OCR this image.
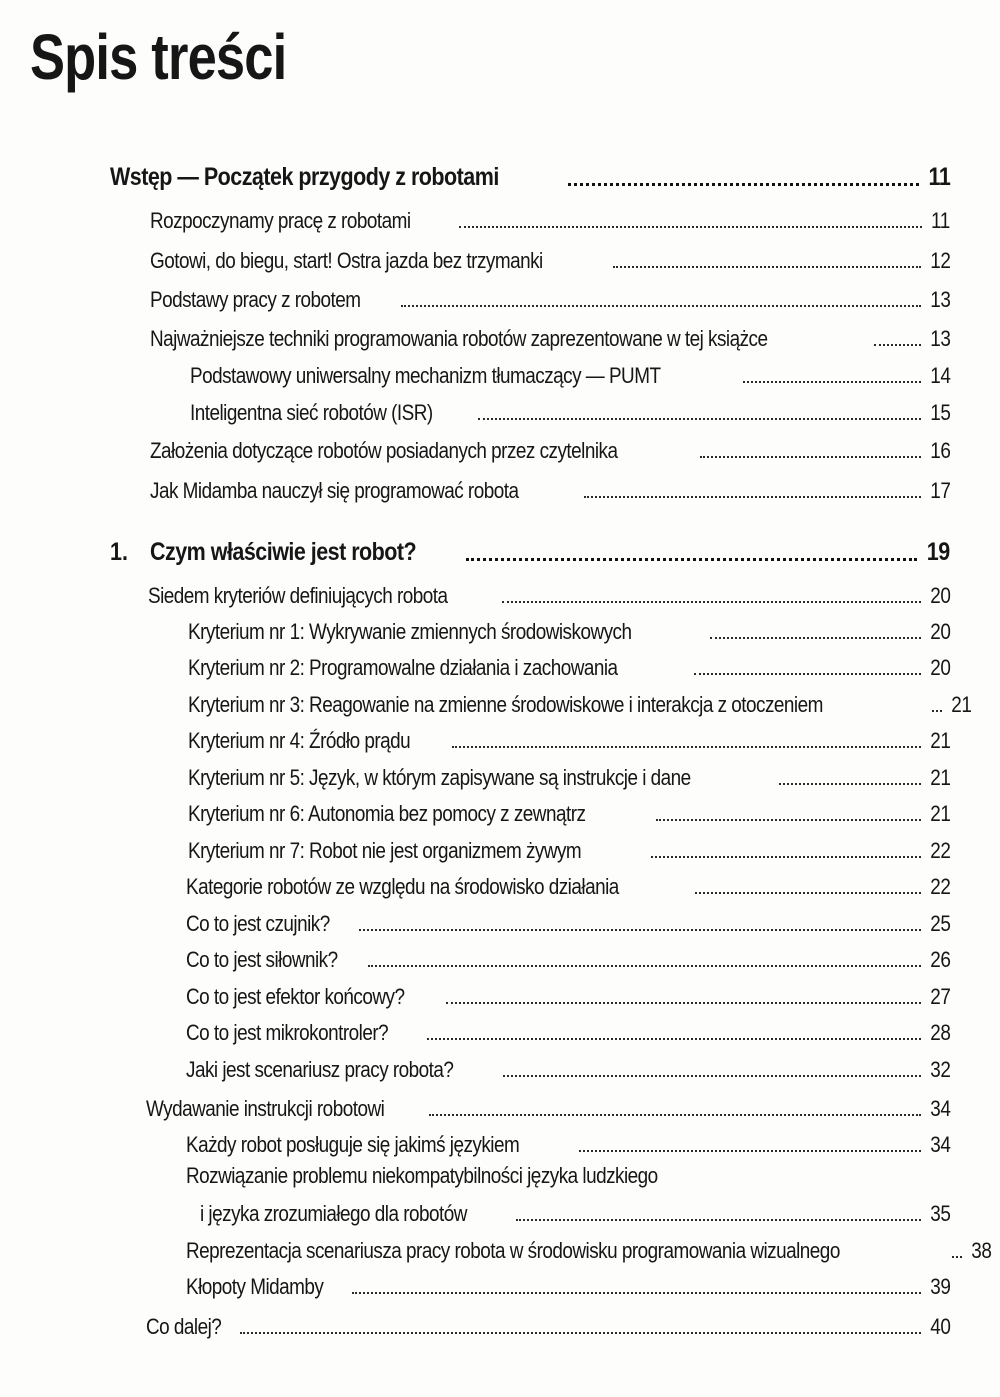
Spis treści
Wstęp — Początek przygody z robotami	11
Rozpoczynamy pracę z robotami	11
Gotowi, do biegu, start! Ostra jazda bez trzymanki	12
Podstawy pracy z robotem	13
Najważniejsze techniki programowania robotów zaprezentowane w tej książce	13
Podstawowy uniwersalny mechanizm tłumaczący — PUMT	14
Inteligentna sieć robotów (ISR)	15
Założenia dotyczące robotów posiadanych przez czytelnika	16
Jak Midamba nauczył się programować robota	17
1. Czym właściwie jest robot?	19
Siedem kryteriów definiujących robota	20
Kryterium nr 1: Wykrywanie zmiennych środowiskowych	20
Kryterium nr 2: Programowalne działania i zachowania	20
Kryterium nr 3: Reagowanie na zmienne środowiskowe i interakcja z otoczeniem	21
Kryterium nr 4: Źródło prądu	21
Kryterium nr 5: Język, w którym zapisywane są instrukcje i dane	21
Kryterium nr 6: Autonomia bez pomocy z zewnątrz	21
Kryterium nr 7: Robot nie jest organizmem żywym	22
Kategorie robotów ze względu na środowisko działania	22
Co to jest czujnik?	25
Co to jest siłownik?	26
Co to jest efektor końcowy?	27
Co to jest mikrokontroler?	28
Jaki jest scenariusz pracy robota?	32
Wydawanie instrukcji robotowi	34
Każdy robot posługuje się jakimś językiem	34
Rozwiązanie problemu niekompatybilności języka ludzkiego
i języka zrozumiałego dla robotów	35
Reprezentacja scenariusza pracy robota w środowisku programowania wizualnego	38
Kłopoty Midamby	39
Co dalej?	40
